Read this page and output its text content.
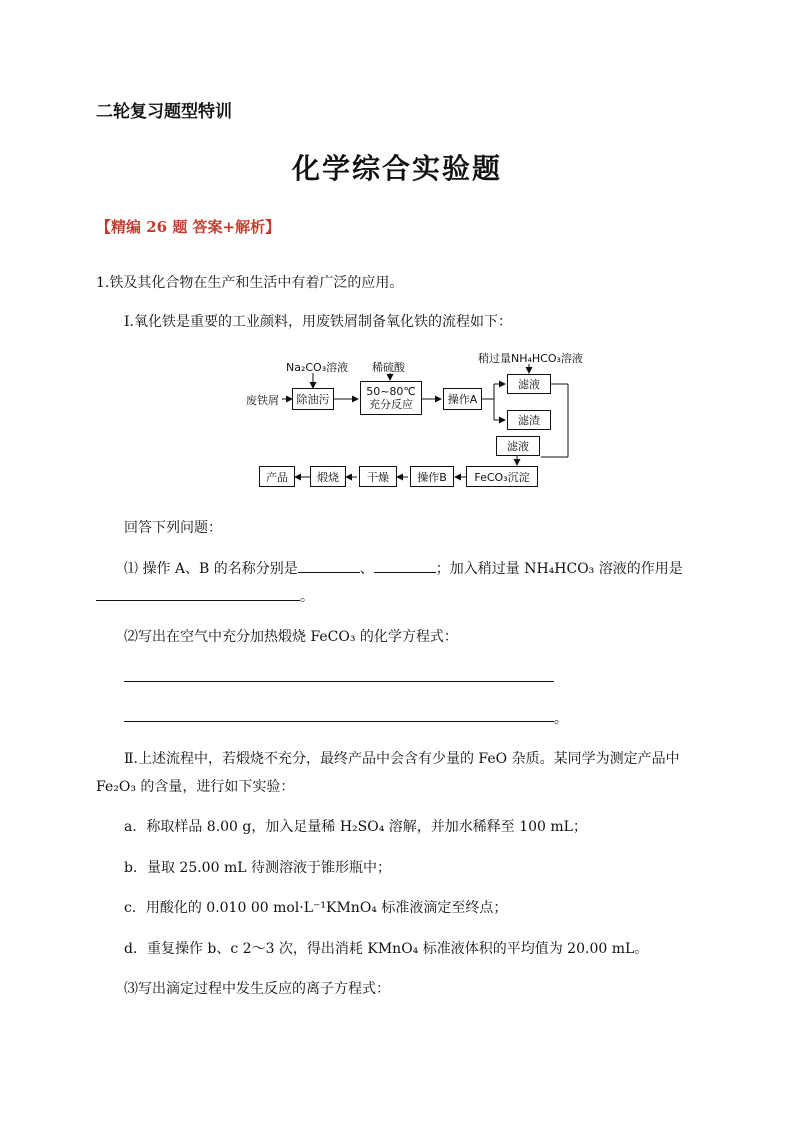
二轮复习题型特训
化学综合实验题
【精编 26 题 答案+解析】
1.铁及其化合物在生产和生活中有着广泛的应用。
Ⅰ.氧化铁是重要的工业颜料，用废铁屑制备氧化铁的流程如下：
废铁屑
Na₂CO₃溶液 稀硫酸
稍过量NH₄HCO₃溶液
除油污
50~80℃
充分反应	操作A
滤液
滤渣
滤液
FeCO₃沉淀
操作B
干燥
煅烧
产品
回答下列问题：
⑴ 操作 A、B 的名称分别是	、	；加入稍过量 NH₄HCO₃ 溶液的作用是
。
⑵写出在空气中充分加热煅烧 FeCO₃ 的化学方程式：
。
Ⅱ.上述流程中，若煅烧不充分，最终产品中会含有少量的 FeO 杂质。某同学为测定产品中
Fe₂O₃ 的含量，进行如下实验：
a．称取样品 8.00 g，加入足量稀 H₂SO₄ 溶解，并加水稀释至 100 mL；
b．量取 25.00 mL 待测溶液于锥形瓶中；
c．用酸化的 0.010 00 mol·L⁻¹KMnO₄ 标准液滴定至终点；
d．重复操作 b、c 2～3 次，得出消耗 KMnO₄ 标准液体积的平均值为 20.00 mL。
⑶写出滴定过程中发生反应的离子方程式：
